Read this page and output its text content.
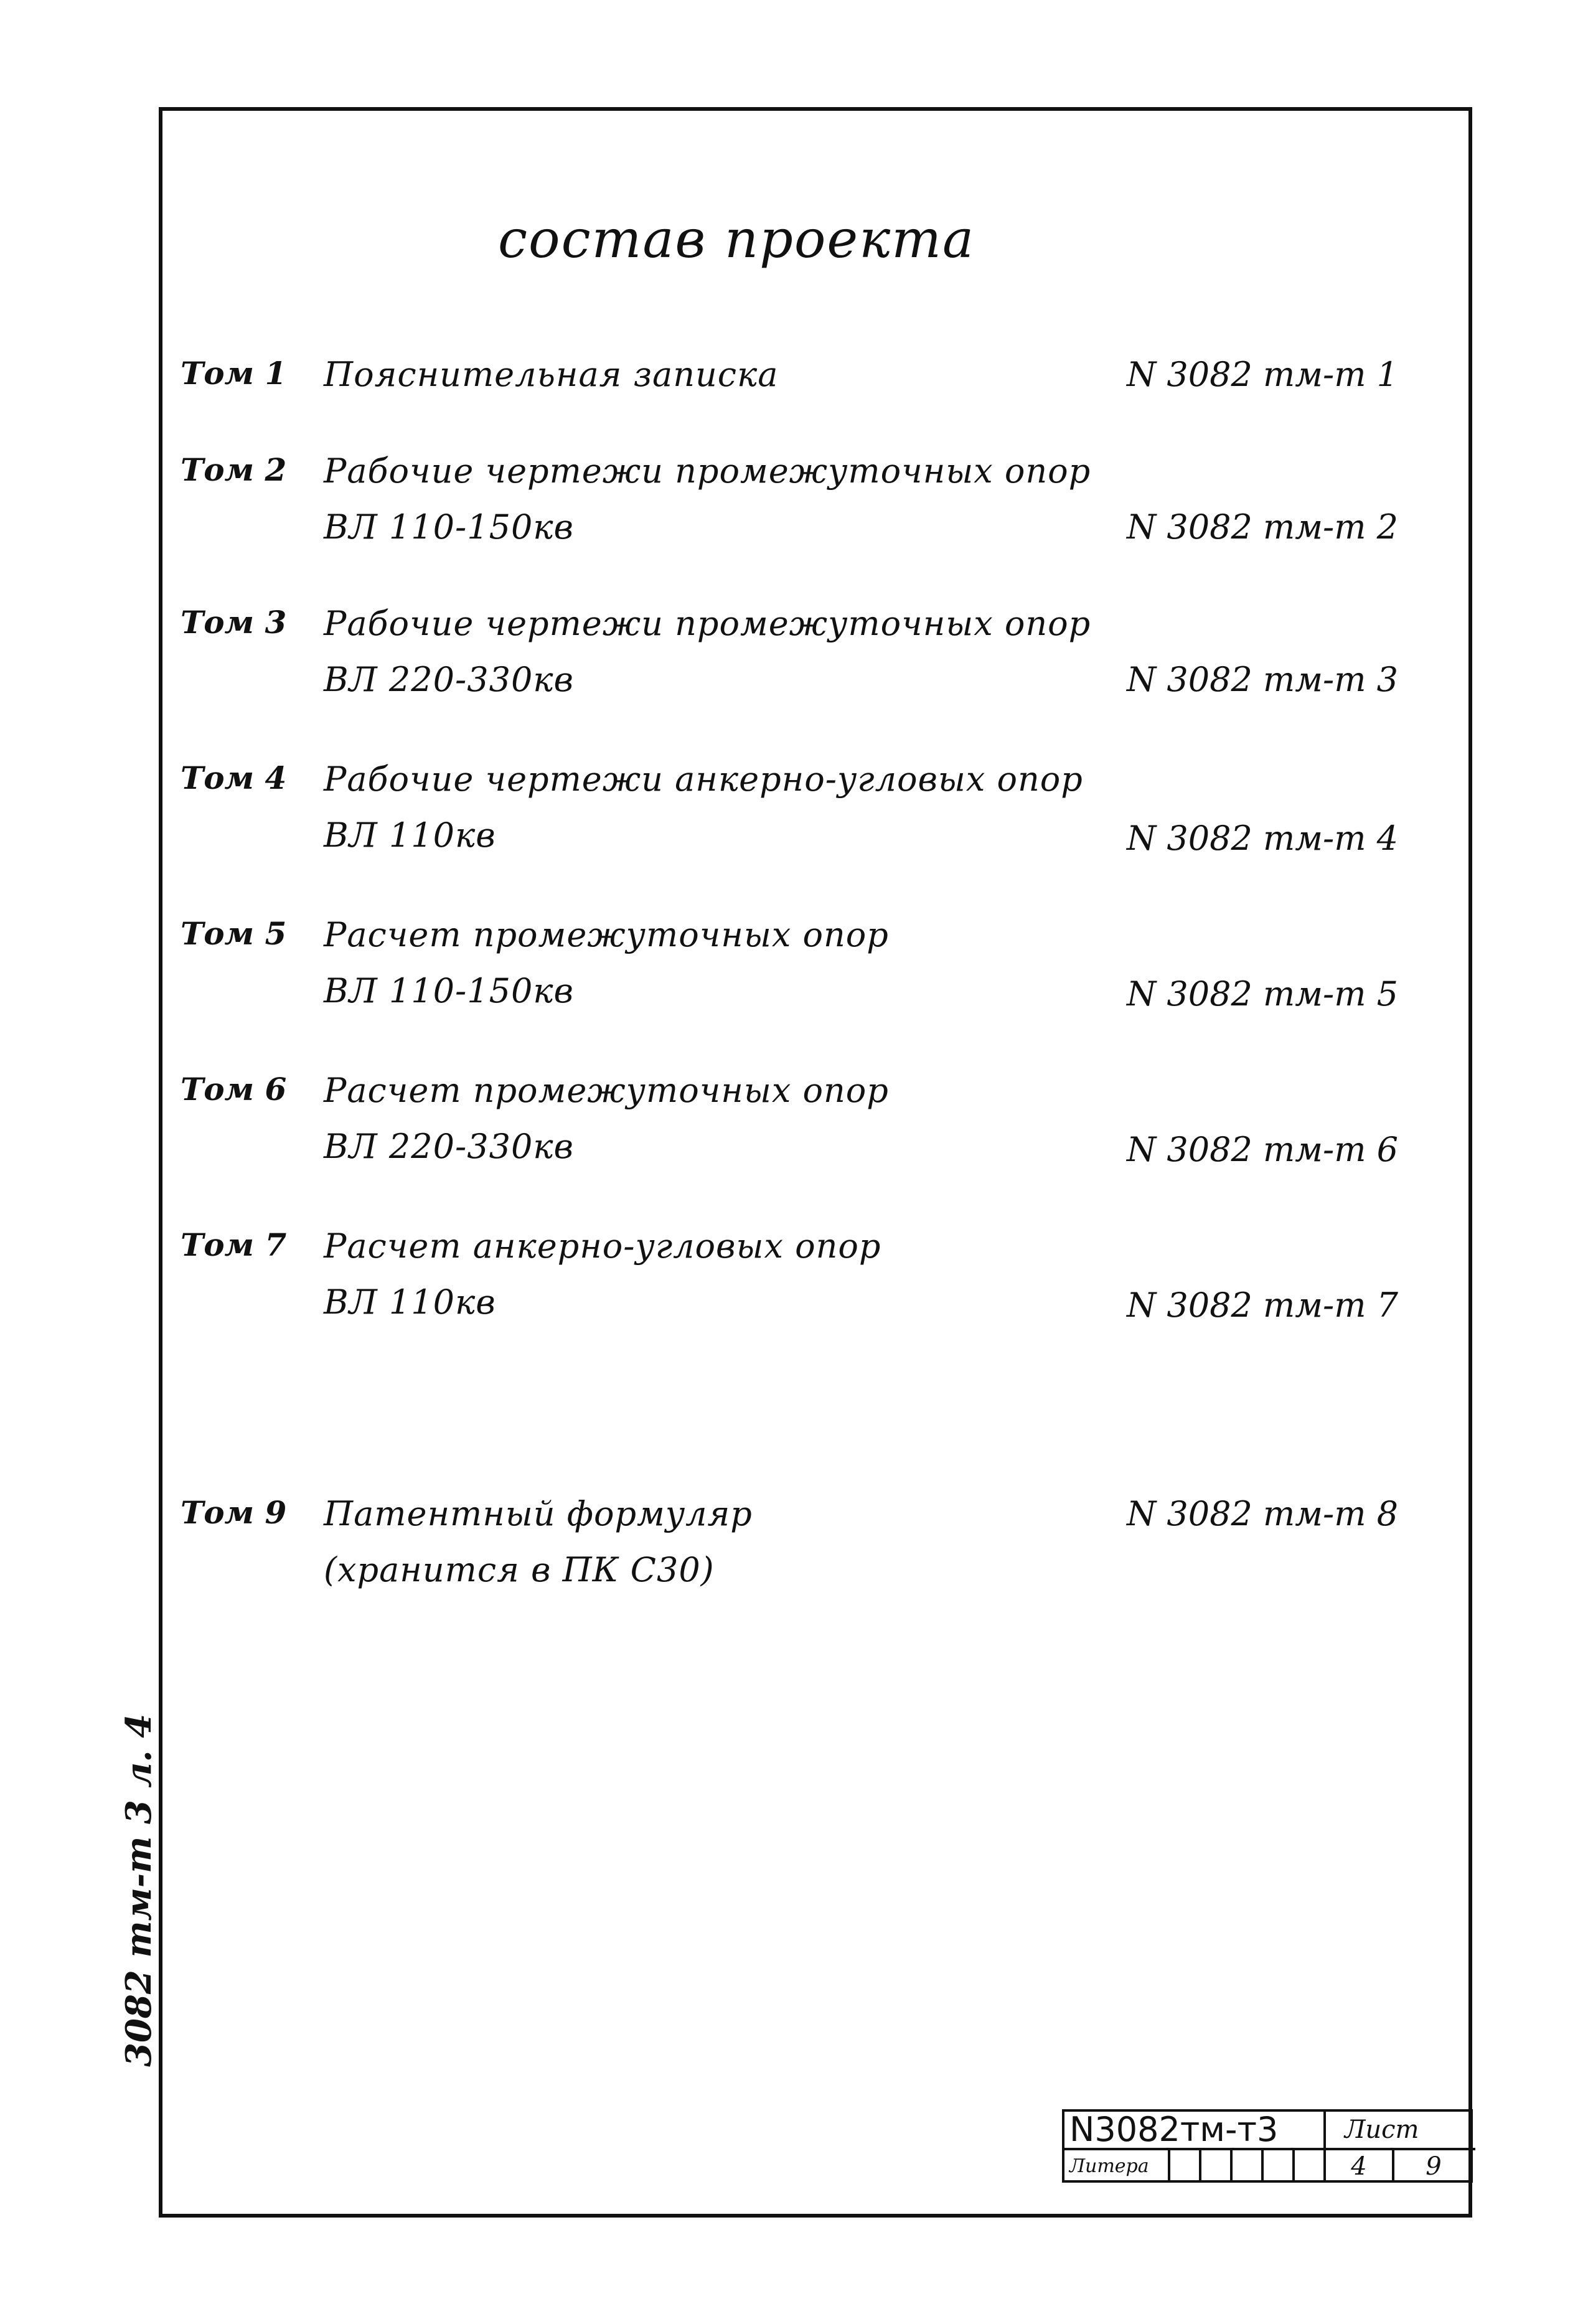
состав проекта
Том 1 Пояснительная записка	N 3082 тм-т 1
Том 2 Рабочие чертежи промежуточных опор
ВЛ 110-150кв	N 3082 тм-т 2
Том 3 Рабочие чертежи промежуточных опор
ВЛ 220-330кв	N 3082 тм-т 3
Том 4 Рабочие чертежи анкерно-угловых опор
ВЛ 110кв	N 3082 тм-т 4
Том 5 Расчет промежуточных опор
ВЛ 110-150кв	N 3082 тм-т 5
Том 6 Расчет промежуточных опор
ВЛ 220-330кв	N 3082 тм-т 6
Том 7 Расчет анкерно-угловых опор
ВЛ 110кв	N 3082 тм-т 7
Том 9 Патентный формуляр
(хранится в ПК С30)
N 3082 тм-т 8
3082 тм-т 3 л. 4
N3082тм-т3	Лист
Литера	4	9
